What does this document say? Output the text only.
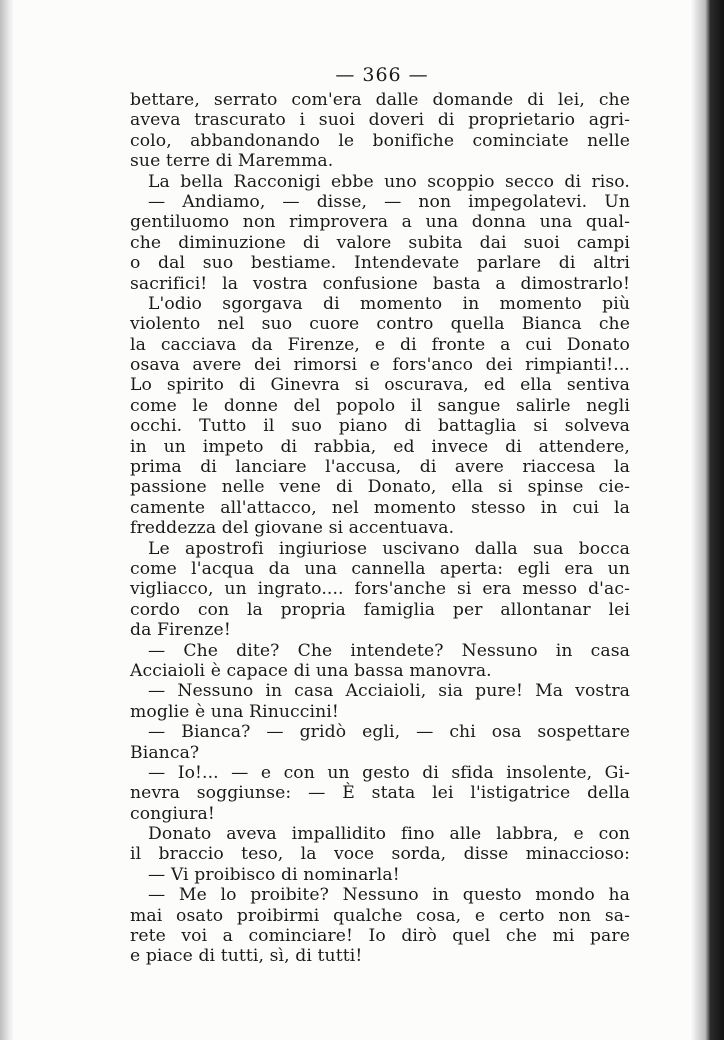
— 366 —
bettare, serrato com'era dalle domande di lei, che
aveva trascurato i suoi doveri di proprietario agri-
colo, abbandonando le bonifiche cominciate nelle
sue terre di Maremma.
La bella Racconigi ebbe uno scoppio secco di riso.
— Andiamo, — disse, — non impegolatevi. Un
gentiluomo non rimprovera a una donna una qual-
che diminuzione di valore subita dai suoi campi
o dal suo bestiame. Intendevate parlare di altri
sacrifici! la vostra confusione basta a dimostrarlo!
L'odio sgorgava di momento in momento più
violento nel suo cuore contro quella Bianca che
la cacciava da Firenze, e di fronte a cui Donato
osava avere dei rimorsi e fors'anco dei rimpianti!...
Lo spirito di Ginevra si oscurava, ed ella sentiva
come le donne del popolo il sangue salirle negli
occhi. Tutto il suo piano di battaglia si solveva
in un impeto di rabbia, ed invece di attendere,
prima di lanciare l'accusa, di avere riaccesa la
passione nelle vene di Donato, ella si spinse cie-
camente all'attacco, nel momento stesso in cui la
freddezza del giovane si accentuava.
Le apostrofi ingiuriose uscivano dalla sua bocca
come l'acqua da una cannella aperta: egli era un
vigliacco, un ingrato.... fors'anche si era messo d'ac-
cordo con la propria famiglia per allontanar lei
da Firenze!
— Che dite? Che intendete? Nessuno in casa
Acciaioli è capace di una bassa manovra.
— Nessuno in casa Acciaioli, sia pure! Ma vostra
moglie è una Rinuccini!
— Bianca? — gridò egli, — chi osa sospettare
Bianca?
— Io!... — e con un gesto di sfida insolente, Gi-
nevra soggiunse: — È stata lei l'istigatrice della
congiura!
Donato aveva impallidito fino alle labbra, e con
il braccio teso, la voce sorda, disse minaccioso:
— Vi proibisco di nominarla!
— Me lo proibite? Nessuno in questo mondo ha
mai osato proibirmi qualche cosa, e certo non sa-
rete voi a cominciare! Io dirò quel che mi pare
e piace di tutti, sì, di tutti!
